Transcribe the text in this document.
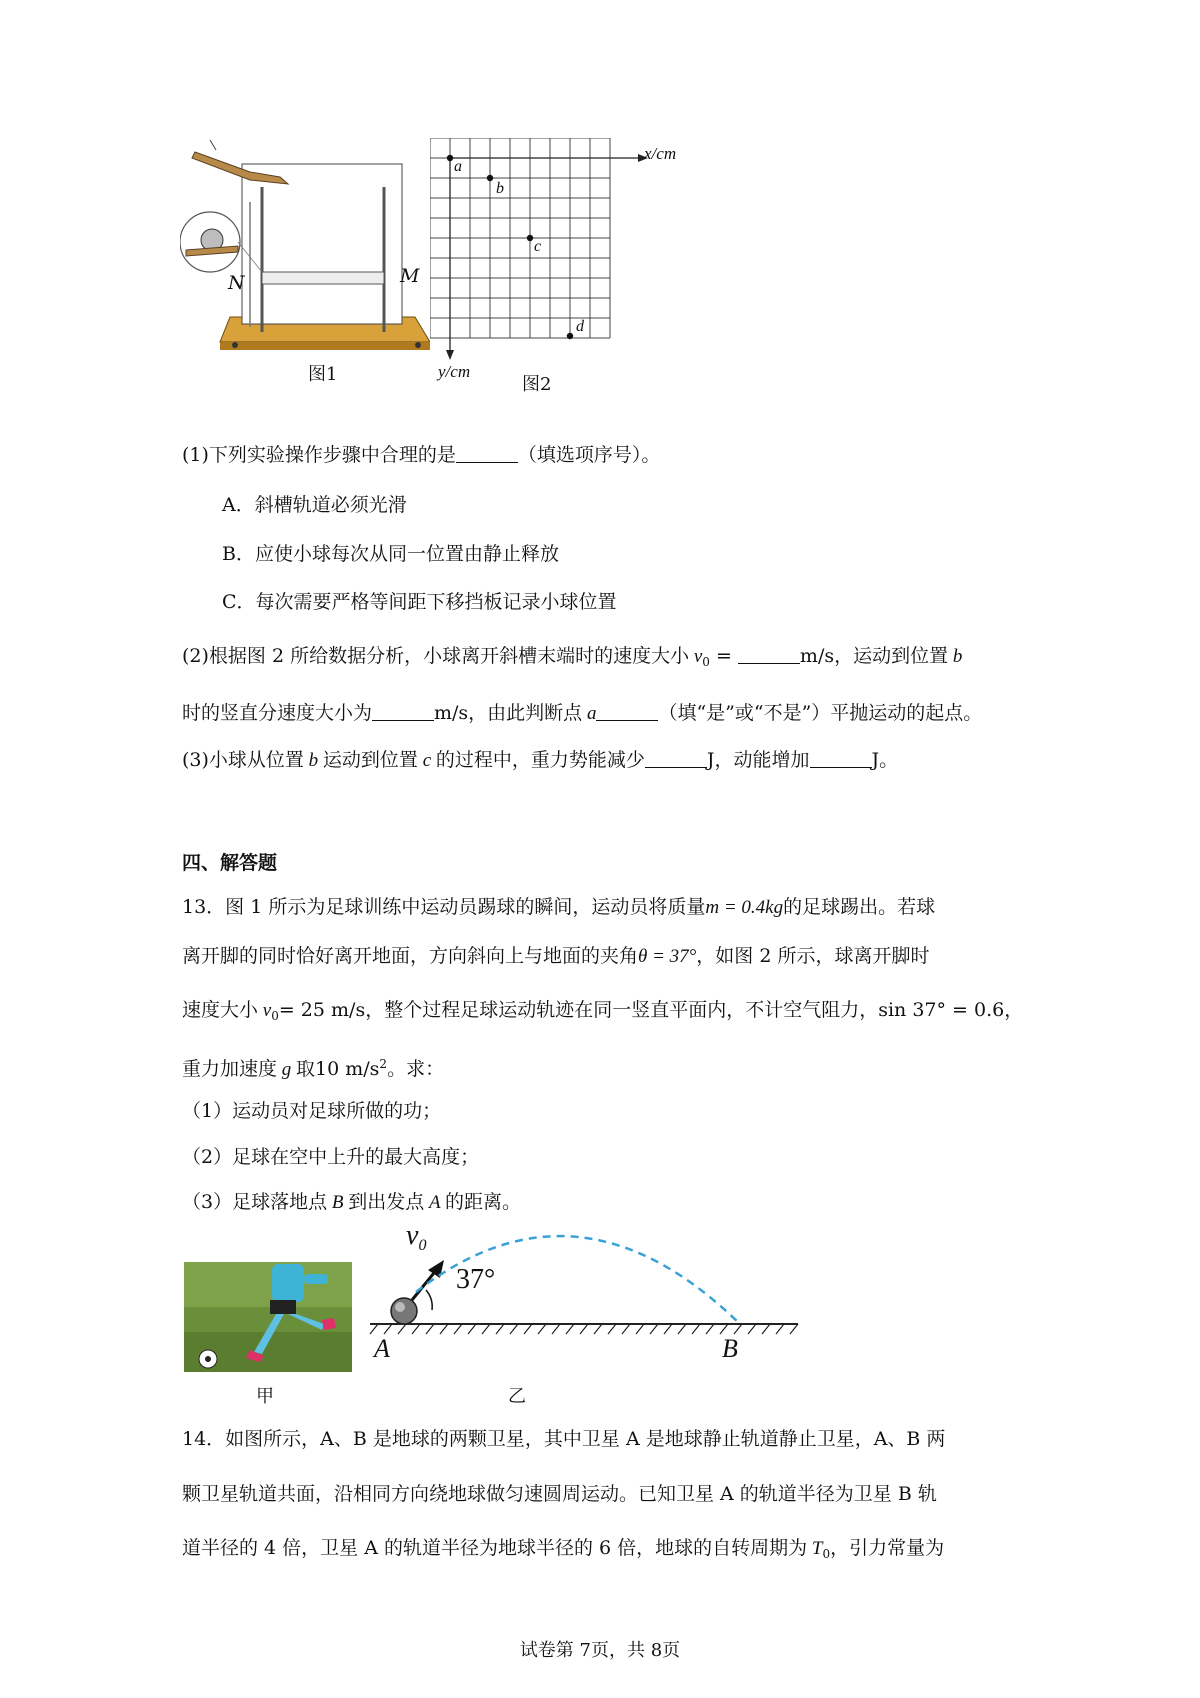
N	M
图1
a
b
c
d
x/cm
y/cm
图2
(1)下列实验操作步骤中合理的是	（填选项序号）。
A．斜槽轨道必须光滑
B．应使小球每次从同一位置由静止释放
C．每次需要严格等间距下移挡板记录小球位置
(2)根据图 2 所给数据分析，小球离开斜槽末端时的速度大小 $v_0$ =	m/s，运动到位置 b
时的竖直分速度大小为	m/s，由此判断点 a	（填“是”或“不是”）平抛运动的起点。
(3)小球从位置 b 运动到位置 c 的过程中，重力势能减少	J，动能增加	J。
四、解答题
13．图 1 所示为足球训练中运动员踢球的瞬间，运动员将质量m = 0.4kg的足球踢出。若球
离开脚的同时恰好离开地面，方向斜向上与地面的夹角θ = 37°，如图 2 所示，球离开脚时
速度大小 $v_0= 25$ m/s，整个过程足球运动轨迹在同一竖直平面内，不计空气阻力，sin 37° = 0.6，
重力加速度 g 取10 $m/s^2$。求：
（1）运动员对足球所做的功；
（2）足球在空中上升的最大高度；
（3）足球落地点 B 到出发点 A 的距离。
甲
$v_0$
37°
A	B
乙
14．如图所示，A、B 是地球的两颗卫星，其中卫星 A 是地球静止轨道静止卫星，A、B 两
颗卫星轨道共面，沿相同方向绕地球做匀速圆周运动。已知卫星 A 的轨道半径为卫星 B 轨
道半径的 4 倍，卫星 A 的轨道半径为地球半径的 6 倍，地球的自转周期为 $T_0$，引力常量为
试卷第 7页，共 8页
